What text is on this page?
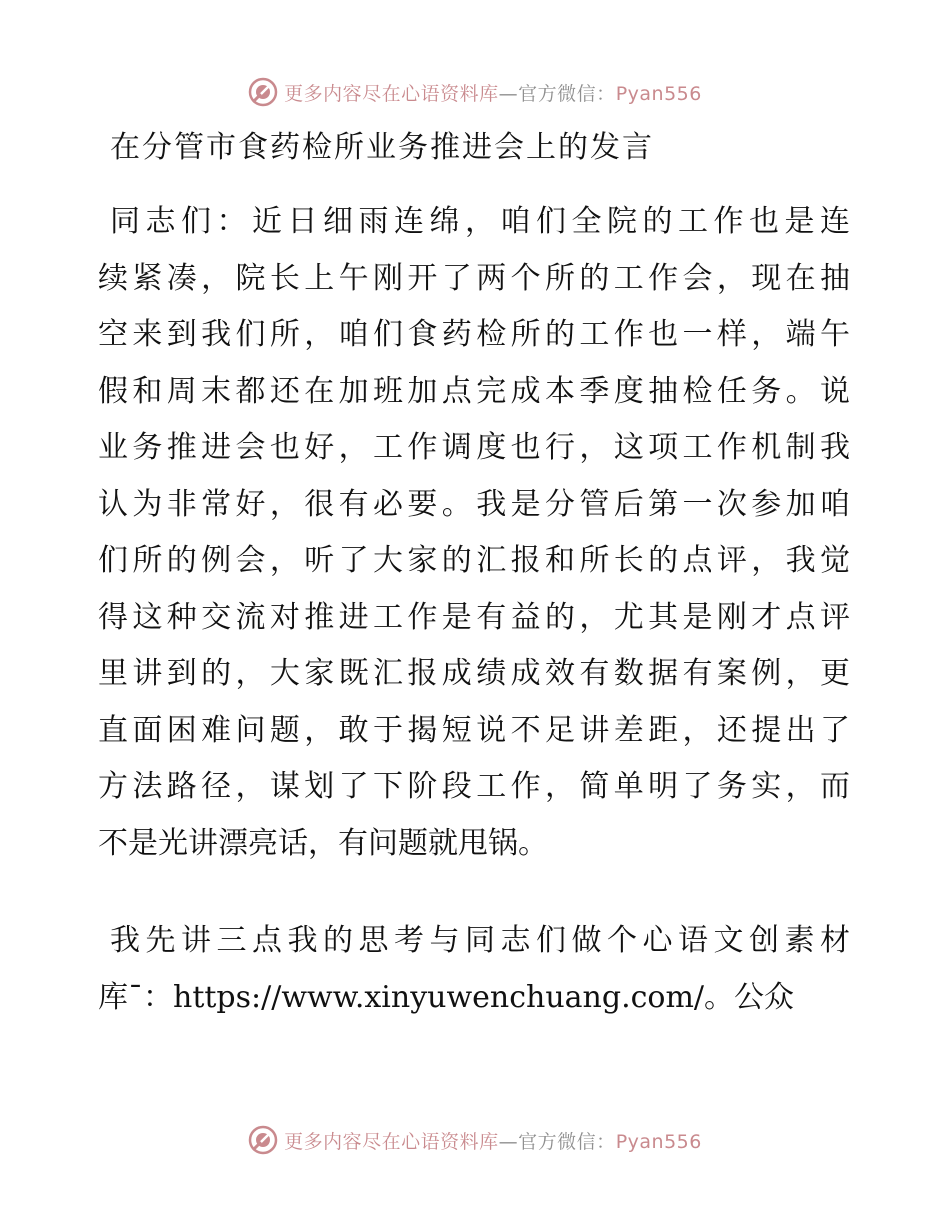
更多内容尽在心语资料库—官方微信：Pyan556
在分管市食药检所业务推进会上的发言
同志们：近日细雨连绵，咱们全院的工作也是连
续紧凑，院长上午刚开了两个所的工作会，现在抽
空来到我们所，咱们食药检所的工作也一样，端午
假和周末都还在加班加点完成本季度抽检任务。说
业务推进会也好，工作调度也行，这项工作机制我
认为非常好，很有必要。我是分管后第一次参加咱
们所的例会，听了大家的汇报和所长的点评，我觉
得这种交流对推进工作是有益的，尤其是刚才点评
里讲到的，大家既汇报成绩成效有数据有案例，更
直面困难问题，敢于揭短说不足讲差距，还提出了
方法路径，谋划了下阶段工作，简单明了务实，而
不是光讲漂亮话，有问题就甩锅。
我先讲三点我的思考与同志们做个心语文创素材
库¯：https://www.xinyuwenchuang.com/。公众
更多内容尽在心语资料库—官方微信：Pyan556
